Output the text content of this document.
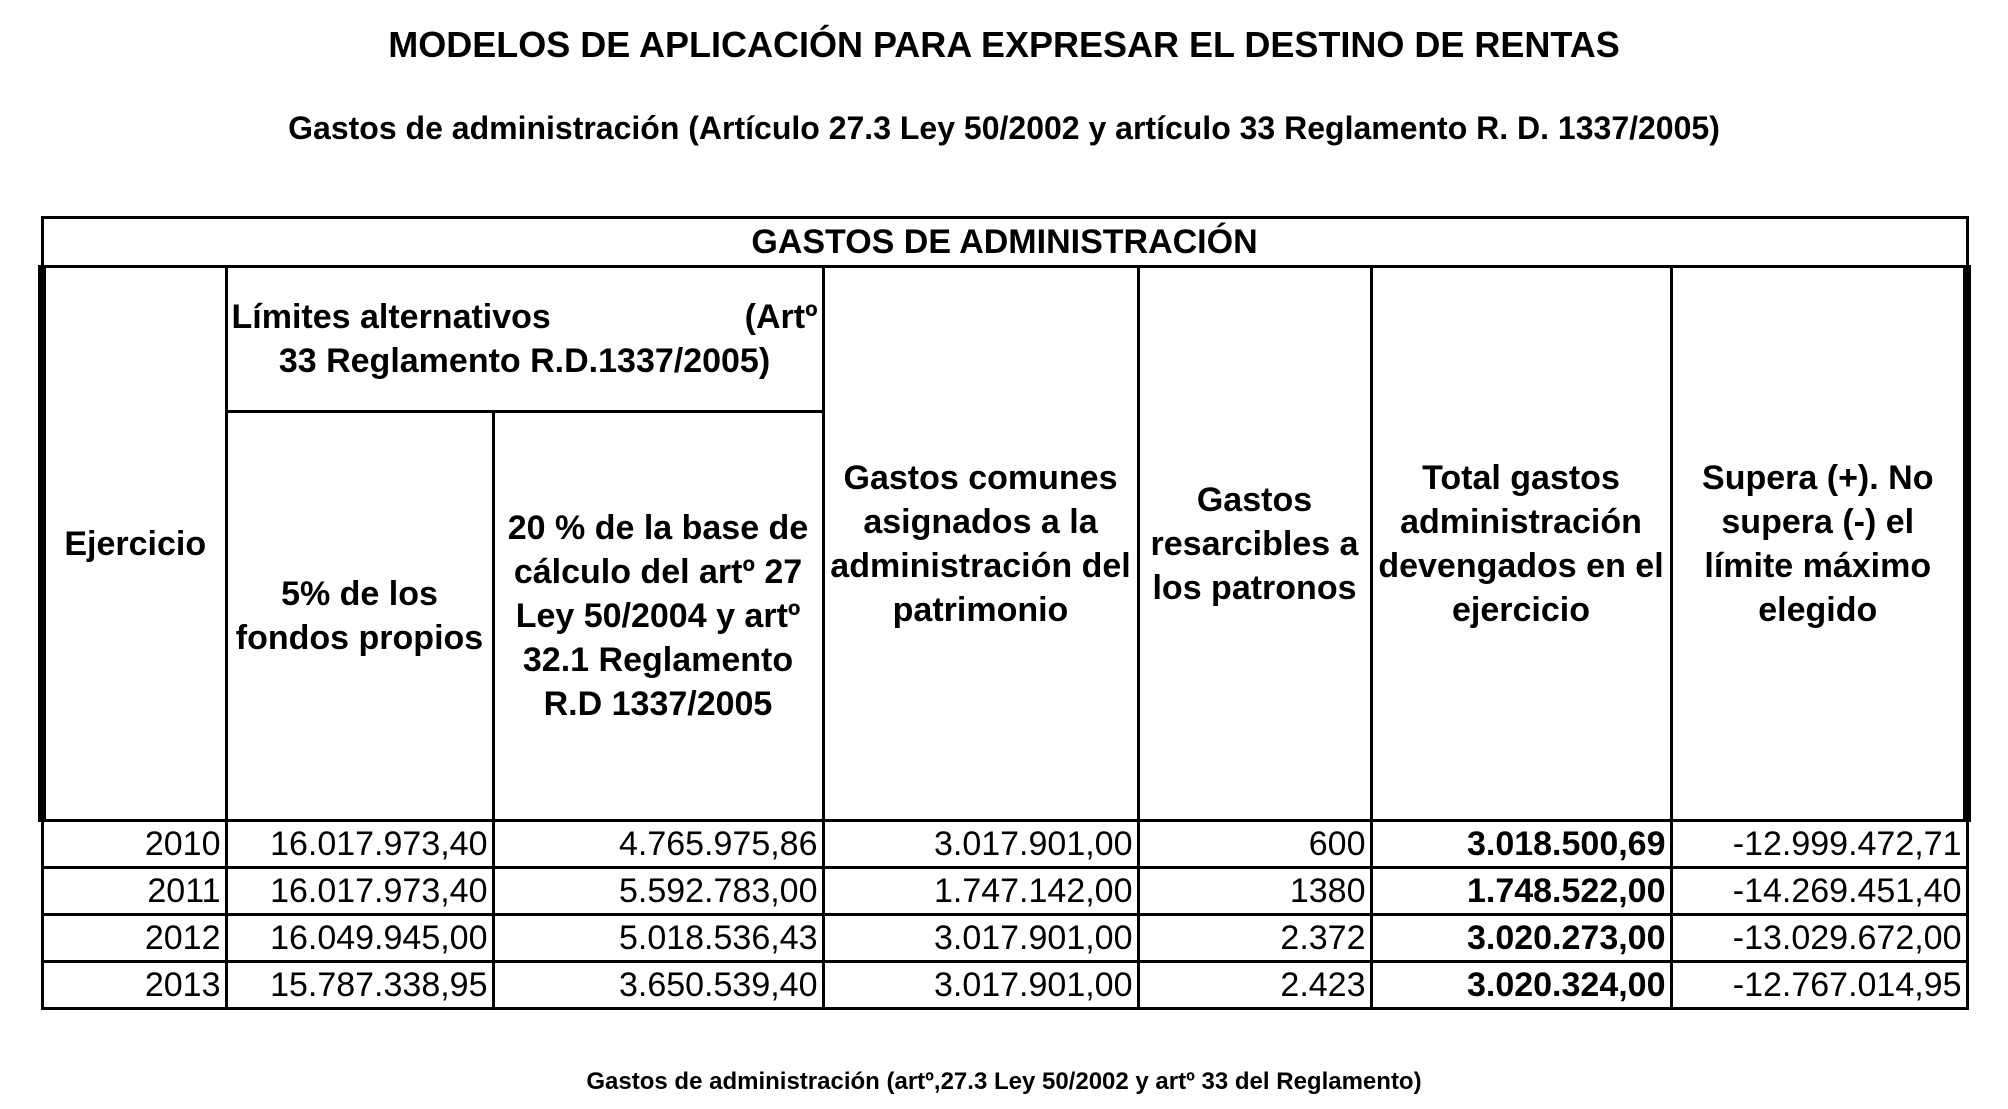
MODELOS DE APLICACIÓN PARA EXPRESAR EL DESTINO DE RENTAS
Gastos de administración (Artículo 27.3 Ley 50/2002 y artículo 33 Reglamento R. D. 1337/2005)
GASTOS DE ADMINISTRACIÓN						
Ejercicio	Límites alternativos (Artº
33 Reglamento R.D.1337/2005)		Gastos comunes asignados a la administración del patrimonio	Gastos resarcibles a los patronos	Total gastos administración devengados en el ejercicio	Supera (+). No supera (-) el límite máximo elegido
	5% de los fondos propios	20 % de la base de cálculo del artº 27 Ley 50/2004 y artº 32.1 Reglamento R.D 1337/2005				
2010	16.017.973,40	4.765.975,86	3.017.901,00	600	3.018.500,69	-12.999.472,71
2011	16.017.973,40	5.592.783,00	1.747.142,00	1380	1.748.522,00	-14.269.451,40
2012	16.049.945,00	5.018.536,43	3.017.901,00	2.372	3.020.273,00	-13.029.672,00
2013	15.787.338,95	3.650.539,40	3.017.901,00	2.423	3.020.324,00	-12.767.014,95
Gastos de administración (artº,27.3 Ley 50/2002 y artº 33 del Reglamento)
